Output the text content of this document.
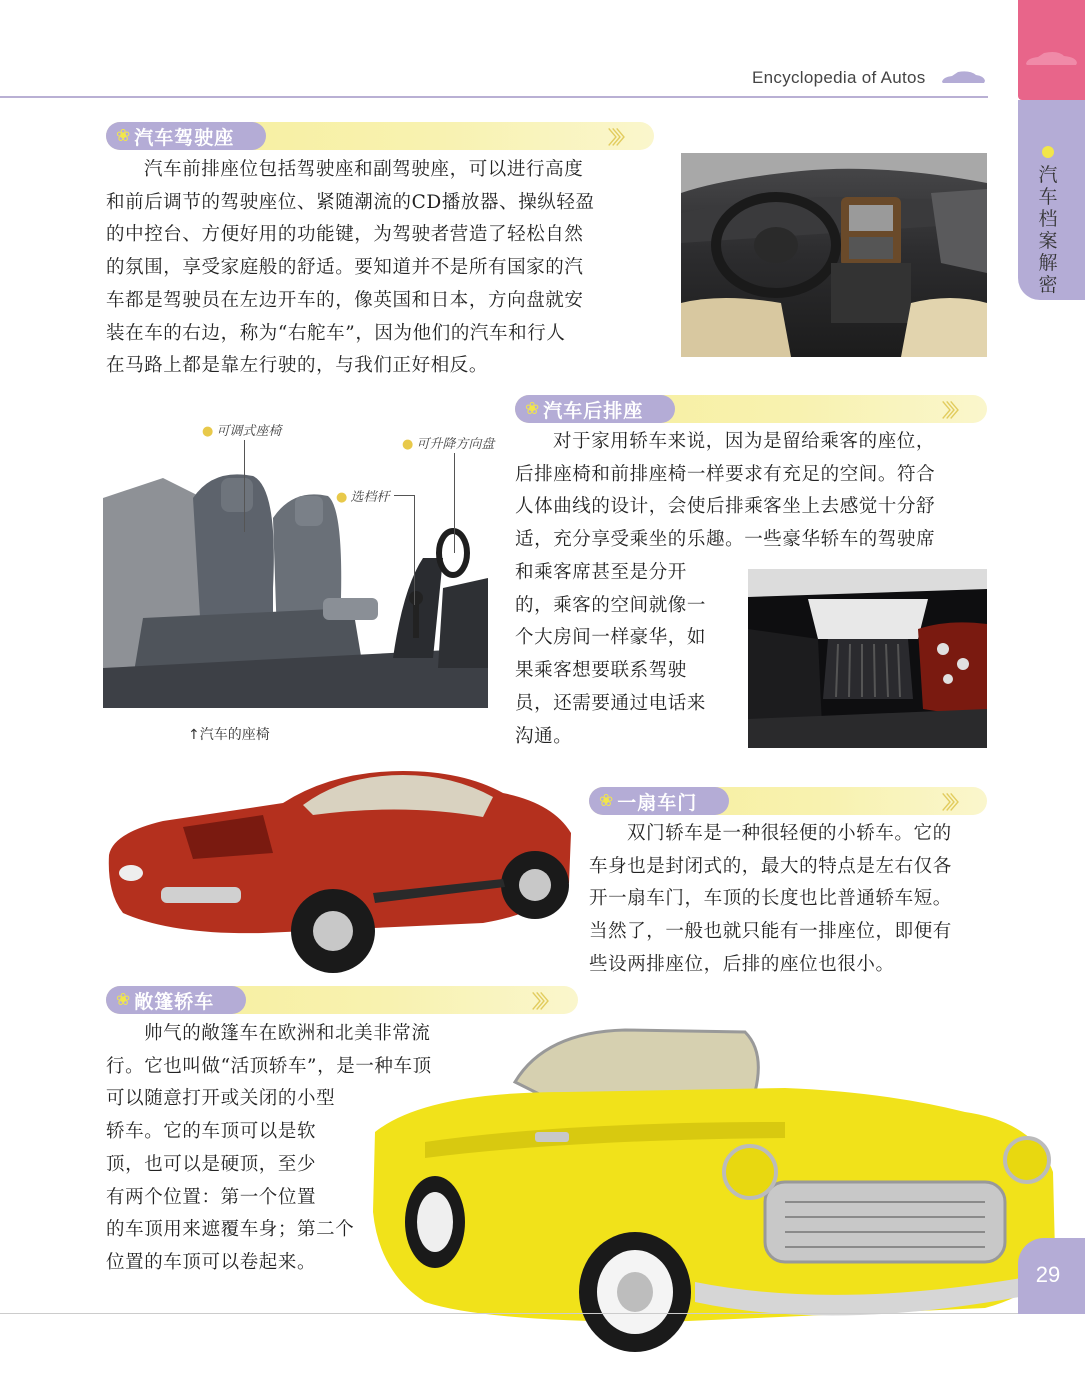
Encyclopedia of Autos
汽车档案解密
❀ 汽车驾驶座	〉〉〉
汽车前排座位包括驾驶座和副驾驶座，可以进行高度
和前后调节的驾驶座位、紧随潮流的CD播放器、操纵轻盈
的中控台、方便好用的功能键，为驾驶者营造了轻松自然
的氛围，享受家庭般的舒适。要知道并不是所有国家的汽
车都是驾驶员在左边开车的，像英国和日本，方向盘就安
装在车的右边，称为“右舵车”，因为他们的汽车和行人
在马路上都是靠左行驶的，与我们正好相反。
● 可调式座椅
● 可升降方向盘
● 选档杆
↑汽车的座椅
❀ 汽车后排座	〉〉〉
对于家用轿车来说，因为是留给乘客的座位，
后排座椅和前排座椅一样要求有充足的空间。符合
人体曲线的设计，会使后排乘客坐上去感觉十分舒
适，充分享受乘坐的乐趣。一些豪华轿车的驾驶席
和乘客席甚至是分开
的，乘客的空间就像一
个大房间一样豪华，如
果乘客想要联系驾驶
员，还需要通过电话来
沟通。
❀ 一扇车门	〉〉〉
双门轿车是一种很轻便的小轿车。它的
车身也是封闭式的，最大的特点是左右仅各
开一扇车门，车顶的长度也比普通轿车短。
当然了，一般也就只能有一排座位，即便有
些设两排座位，后排的座位也很小。
❀ 敞篷轿车	〉〉〉
帅气的敞篷车在欧洲和北美非常流
行。它也叫做“活顶轿车”，是一种车顶
可以随意打开或关闭的小型
轿车。它的车顶可以是软
顶，也可以是硬顶，至少
有两个位置：第一个位置
的车顶用来遮覆车身；第二个
位置的车顶可以卷起来。	29
